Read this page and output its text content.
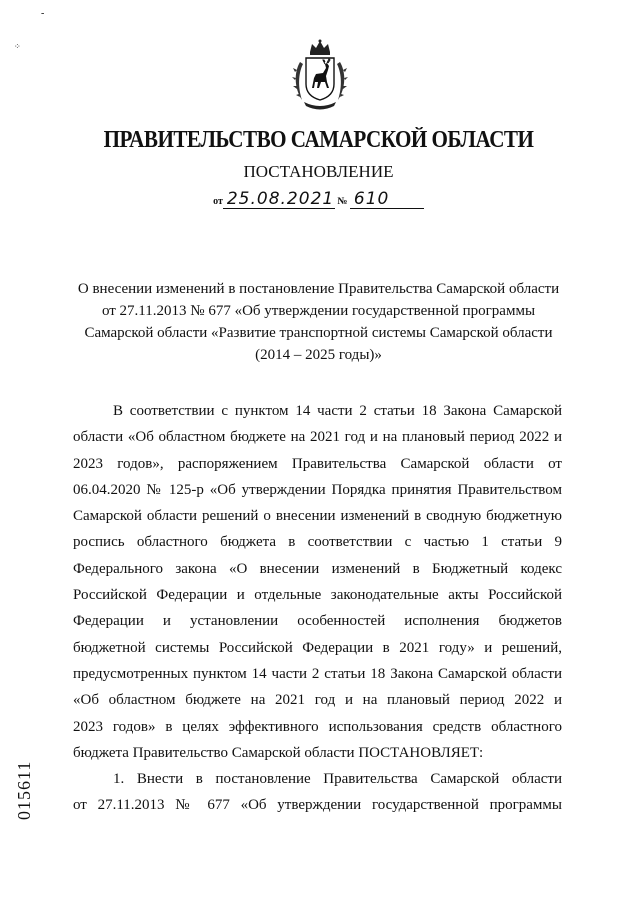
-
⁘
ПРАВИТЕЛЬСТВО САМАРСКОЙ ОБЛАСТИ
ПОСТАНОВЛЕНИЕ
от 25.08.2021 № 610
О внесении изменений в постановление Правительства Самарской области
от 27.11.2013 № 677 «Об утверждении государственной программы
Самарской области «Развитие транспортной системы Самарской области
(2014 – 2025 годы)»
В соответствии с пунктом 14 части 2 статьи 18 Закона Самарской
области «Об областном бюджете на 2021 год и на плановый период 2022 и
2023 годов», распоряжением Правительства Самарской области от
06.04.2020 № 125-р «Об утверждении Порядка принятия Правительством
Самарской области решений о внесении изменений в сводную бюджетную
роспись областного бюджета в соответствии с частью 1 статьи 9
Федерального закона «О внесении изменений в Бюджетный кодекс
Российской Федерации и отдельные законодательные акты Российской
Федерации и установлении особенностей исполнения бюджетов
бюджетной системы Российской Федерации в 2021 году» и решений,
предусмотренных пунктом 14 части 2 статьи 18 Закона Самарской области
«Об областном бюджете на 2021 год и на плановый период 2022 и
2023 годов» в целях эффективного использования средств областного
бюджета Правительство Самарской области ПОСТАНОВЛЯЕТ:
1. Внести в постановление Правительства Самарской области
от 27.11.2013 № 677 «Об утверждении государственной программы
015611
